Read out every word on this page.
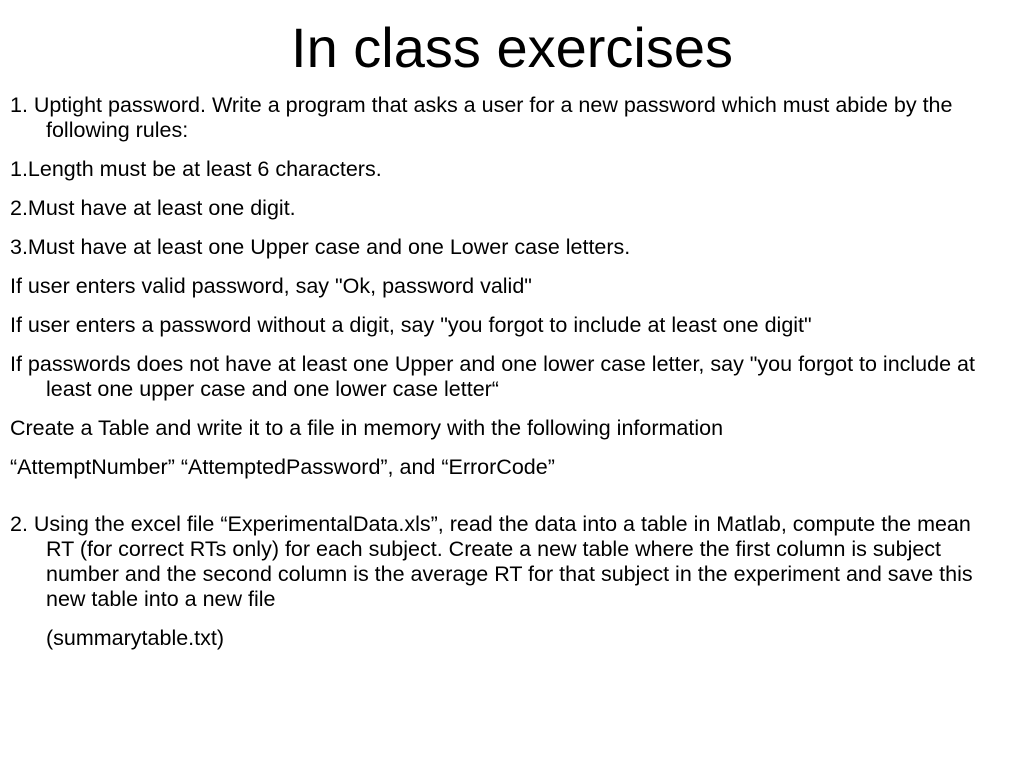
In class exercises
1. Uptight password. Write a program that asks a user for a new password which must abide by the following rules:
1.Length must be at least 6 characters.
2.Must have at least one digit.
3.Must have at least one Upper case and one Lower case letters.
If user enters valid password, say "Ok, password valid"
If user enters a password without a digit, say "you forgot to include at least one digit"
If passwords does not have at least one Upper and one lower case letter, say "you forgot to include at least one upper case and one lower case letter“
Create a Table and write it to a file in memory with the following information
“AttemptNumber” “AttemptedPassword”, and “ErrorCode”
2. Using the excel file “ExperimentalData.xls”, read the data into a table in Matlab, compute the mean RT (for correct RTs only) for each subject. Create a new table where the first column is subject number and the second column is the average RT for that subject in the experiment and save this new table into a new file
(summarytable.txt)
